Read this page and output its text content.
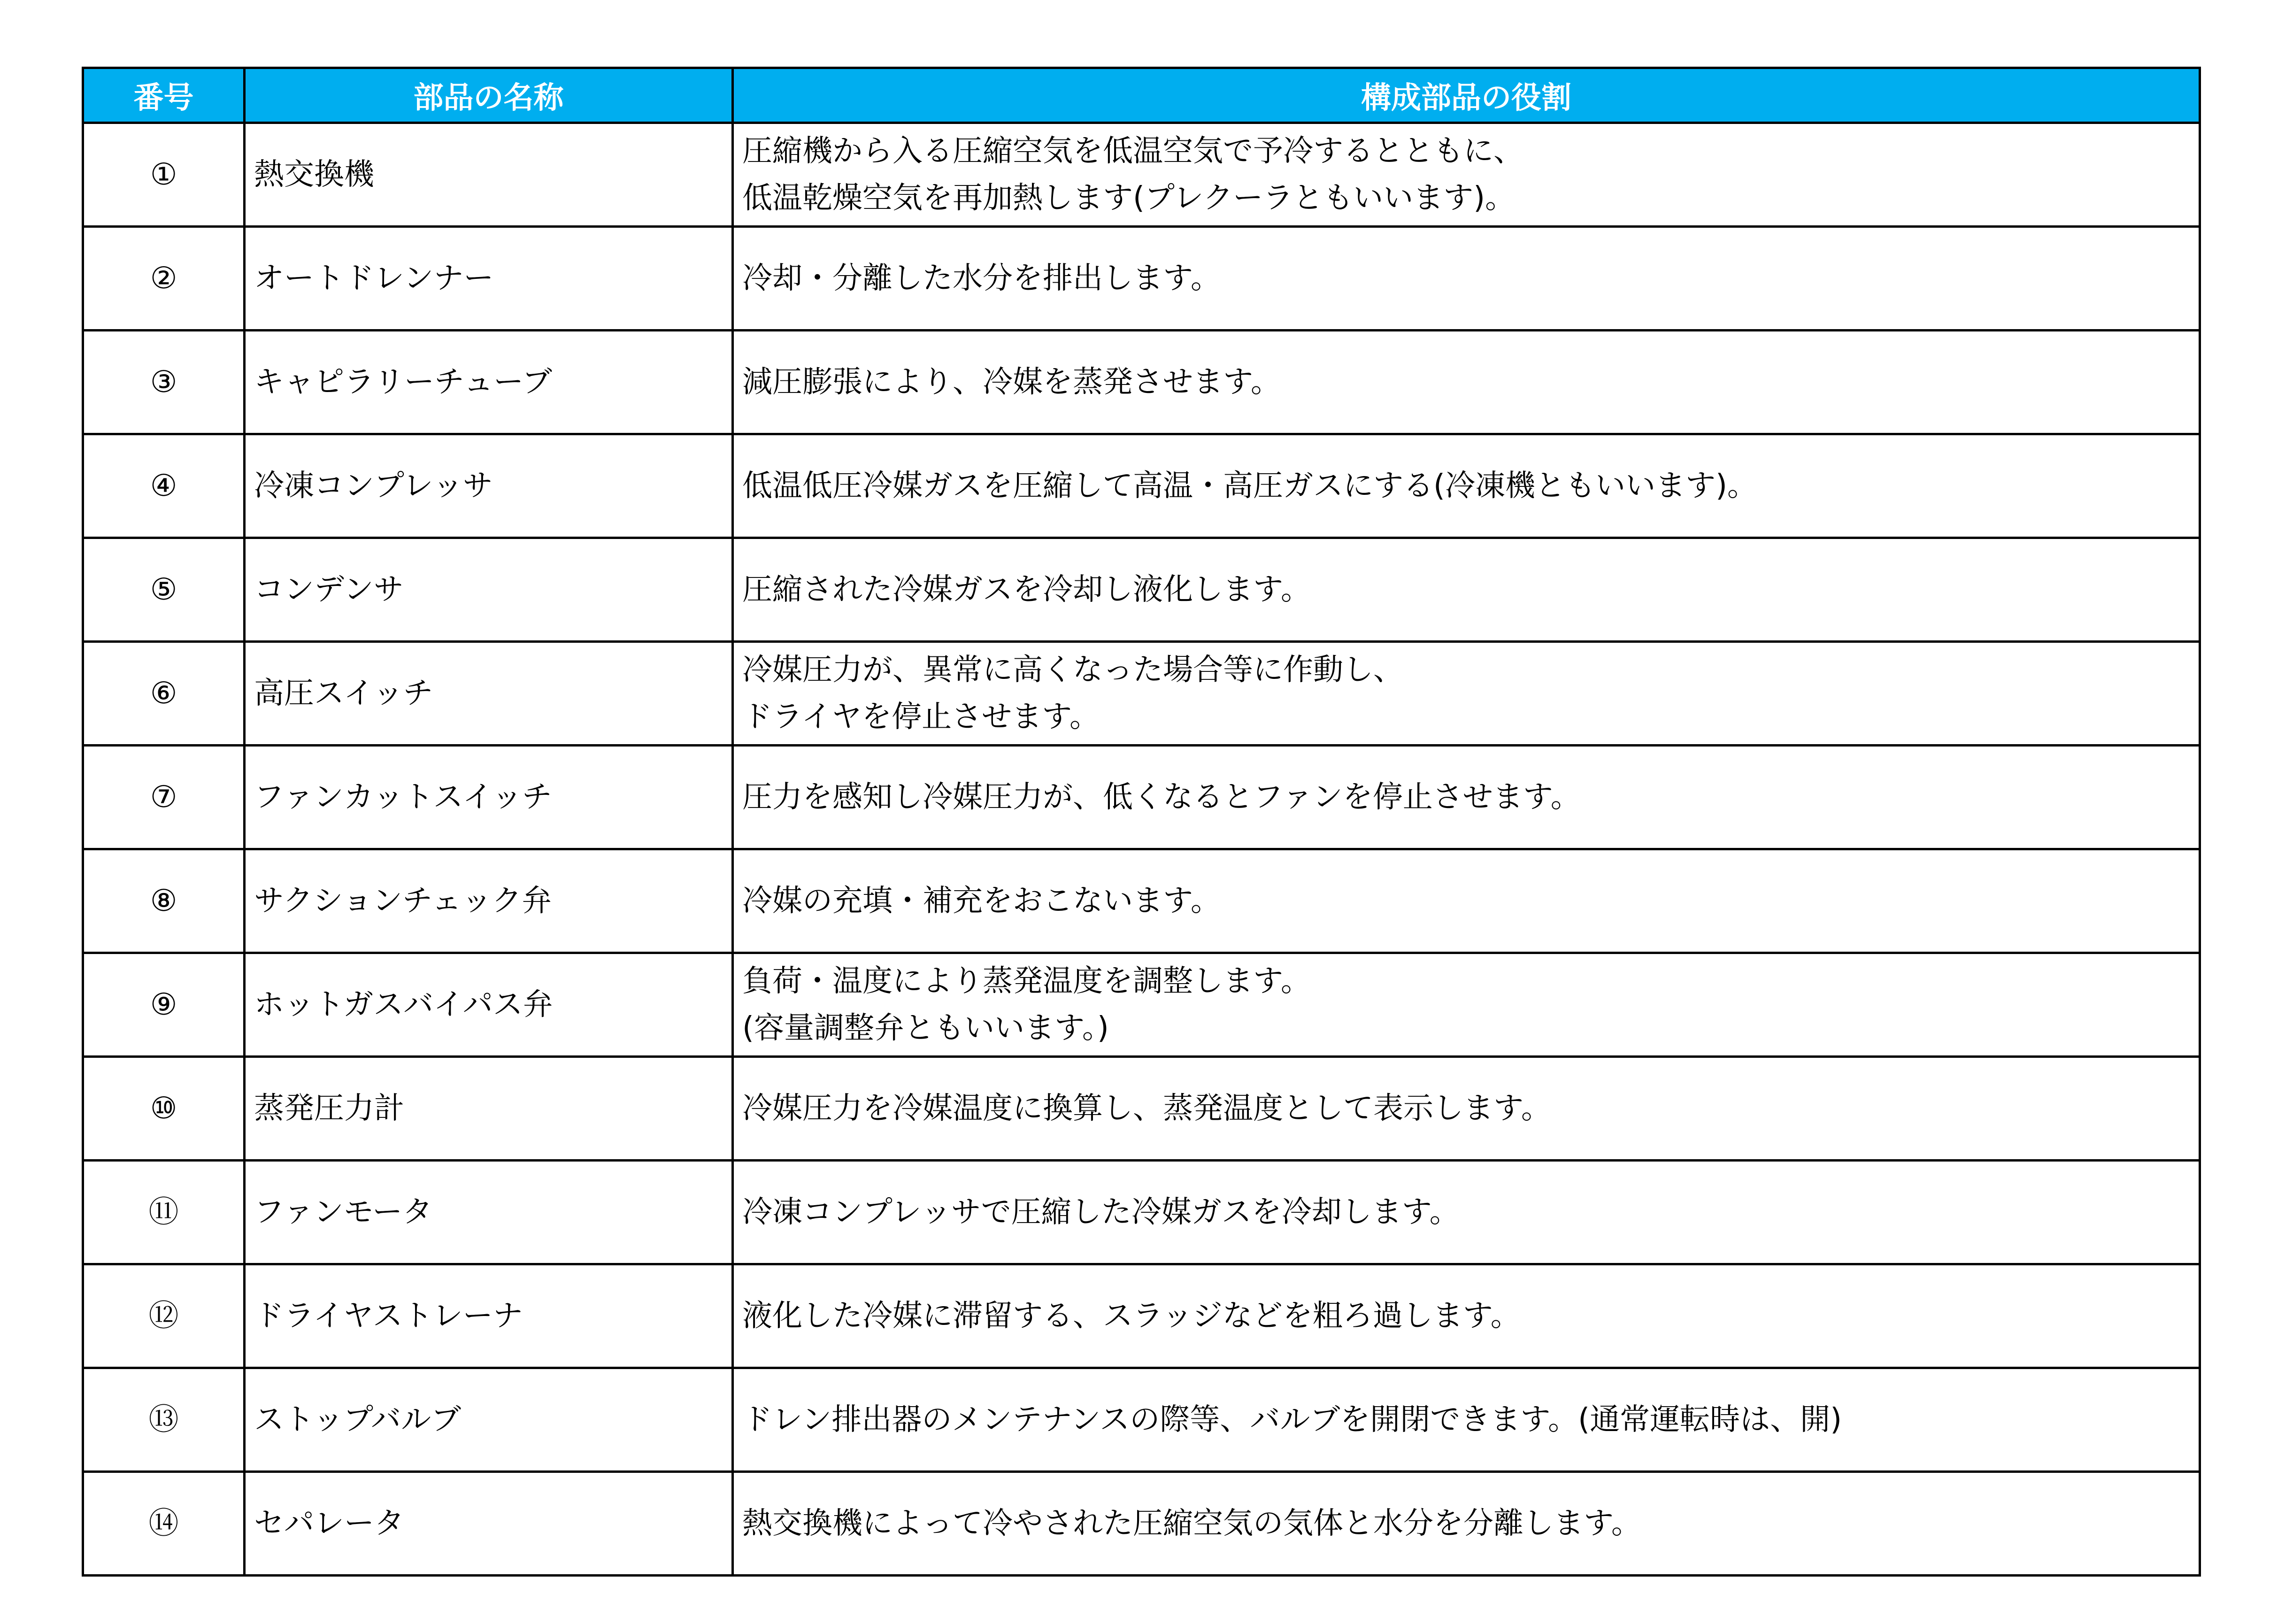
番号	部品の名称	構成部品の役割
①	熱交換機	圧縮機から入る圧縮空気を低温空気で予冷するとともに、
低温乾燥空気を再加熱します(プレクーラともいいます)。

②	オートドレンナー	冷却・分離した水分を排出します。

③	キャピラリーチューブ	減圧膨張により、冷媒を蒸発させます。

④	冷凍コンプレッサ	低温低圧冷媒ガスを圧縮して高温・高圧ガスにする(冷凍機ともいいます)。

⑤	コンデンサ	圧縮された冷媒ガスを冷却し液化します。

⑥	高圧スイッチ	冷媒圧力が、異常に高くなった場合等に作動し、
ドライヤを停止させます。

⑦	ファンカットスイッチ	圧力を感知し冷媒圧力が、低くなるとファンを停止させます。

⑧	サクションチェック弁	冷媒の充填・補充をおこないます。

⑨	ホットガスバイパス弁	負荷・温度により蒸発温度を調整します。
(容量調整弁ともいいます。)

⑩	蒸発圧力計	冷媒圧力を冷媒温度に換算し、蒸発温度として表示します。

⑪	ファンモータ	冷凍コンプレッサで圧縮した冷媒ガスを冷却します。

⑫	ドライヤストレーナ	液化した冷媒に滞留する、スラッジなどを粗ろ過します。

⑬	ストップバルブ	ドレン排出器のメンテナンスの際等、バルブを開閉できます。(通常運転時は、開)

⑭	セパレータ	熱交換機によって冷やされた圧縮空気の気体と水分を分離します。
